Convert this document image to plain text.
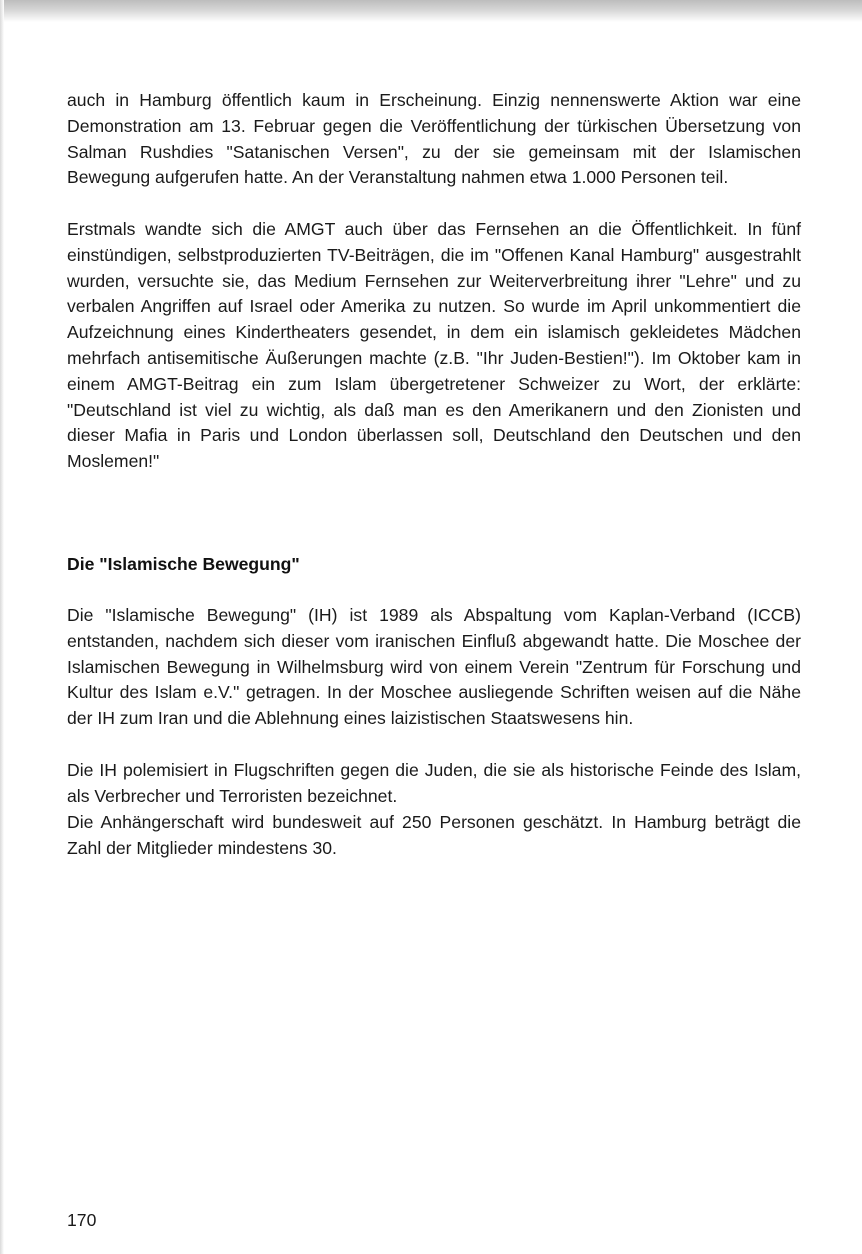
auch in Hamburg öffentlich kaum in Erscheinung. Einzig nennenswerte Aktion war eine Demonstration am 13. Februar gegen die Veröffentlichung der türkischen Übersetzung von Salman Rushdies "Satanischen Versen", zu der sie gemeinsam mit der Islamischen Bewegung aufgerufen hatte. An der Veranstaltung nahmen etwa 1.000 Personen teil.

Erstmals wandte sich die AMGT auch über das Fernsehen an die Öffentlichkeit. In fünf einstündigen, selbstproduzierten TV-Beiträgen, die im "Offenen Kanal Hamburg" ausgestrahlt wurden, versuchte sie, das Medium Fernsehen zur Weiterverbreitung ihrer "Lehre" und zu verbalen Angriffen auf Israel oder Amerika zu nutzen. So wurde im April unkommentiert die Aufzeichnung eines Kindertheaters gesendet, in dem ein islamisch gekleidetes Mädchen mehrfach antisemitische Äußerungen machte (z.B. "Ihr Juden-Bestien!"). Im Oktober kam in einem AMGT-Beitrag ein zum Islam übergetretener Schweizer zu Wort, der erklärte: "Deutschland ist viel zu wichtig, als daß man es den Amerikanern und den Zionisten und dieser Mafia in Paris und London überlassen soll, Deutschland den Deutschen und den Moslemen!"

Die "Islamische Bewegung"

Die "Islamische Bewegung" (IH) ist 1989 als Abspaltung vom Kaplan-Verband (ICCB) entstanden, nachdem sich dieser vom iranischen Einfluß abgewandt hatte. Die Moschee der Islamischen Bewegung in Wilhelmsburg wird von einem Verein "Zentrum für Forschung und Kultur des Islam e.V." getragen. In der Moschee ausliegende Schriften weisen auf die Nähe der IH zum Iran und die Ablehnung eines laizistischen Staatswesens hin.

Die IH polemisiert in Flugschriften gegen die Juden, die sie als historische Feinde des Islam, als Verbrecher und Terroristen bezeichnet.

Die Anhängerschaft wird bundesweit auf 250 Personen geschätzt. In Hamburg beträgt die Zahl der Mitglieder mindestens 30.

170
